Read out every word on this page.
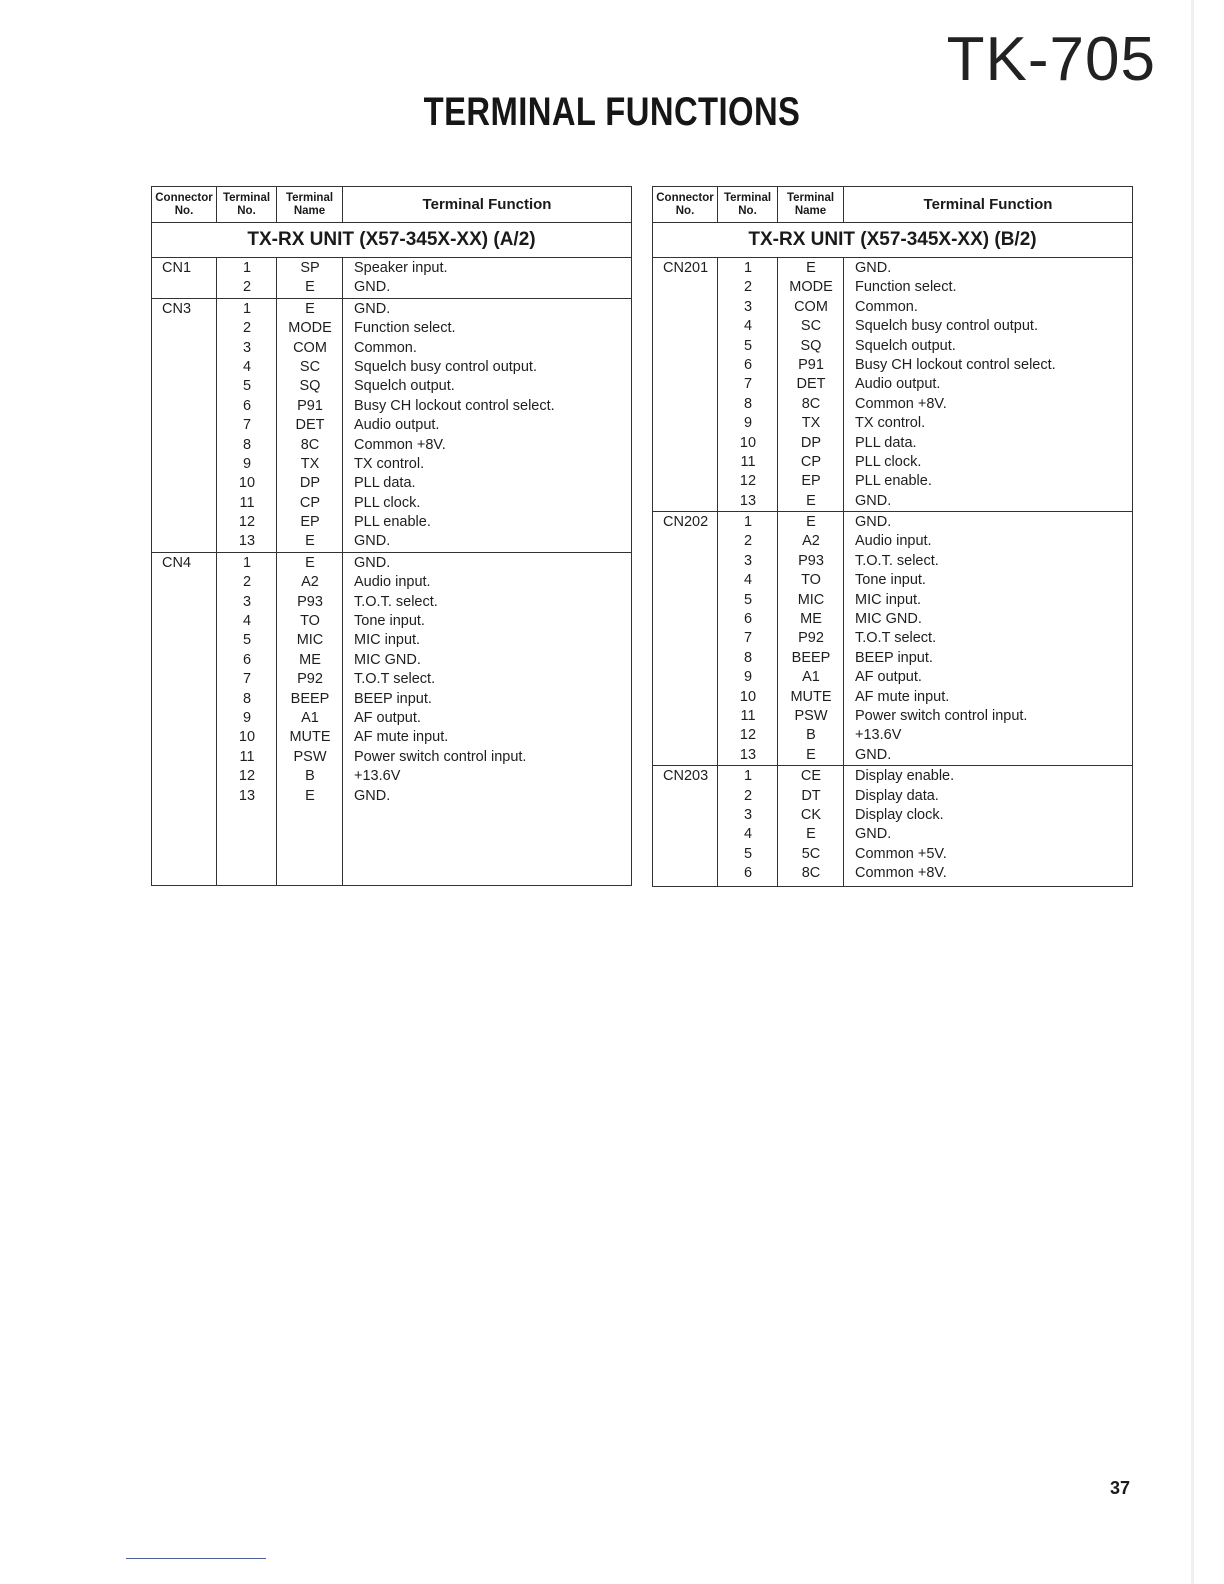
TK-705
TERMINAL FUNCTIONS
Connector
No.
Terminal
No.
Terminal
Name	Terminal Function
TX-RX UNIT (X57-345X-XX) (A/2)
CN1	1	SP	Speaker input.
2	E	GND.
CN3	1	E	GND.
2	MODE	Function select.
3	COM	Common.
4	SC	Squelch busy control output.
5	SQ	Squelch output.
6	P91	Busy CH lockout control select.
7	DET	Audio output.
8	8C	Common +8V.
9	TX	TX control.
10	DP	PLL data.
11	CP	PLL clock.
12	EP	PLL enable.
13	E	GND.
CN4	1	E	GND.
2	A2	Audio input.
3	P93	T.O.T. select.
4	TO	Tone input.
5	MIC	MIC input.
6	ME	MIC GND.
7	P92	T.O.T select.
8	BEEP	BEEP input.
9	A1	AF output.
10	MUTE	AF mute input.
11	PSW	Power switch control input.
12	B	+13.6V
13	E	GND.
Connector
No.
Terminal
No.
Terminal
Name	Terminal Function
TX-RX UNIT (X57-345X-XX) (B/2)
CN201	1	E	GND.
2	MODE	Function select.
3	COM	Common.
4	SC	Squelch busy control output.
5	SQ	Squelch output.
6	P91	Busy CH lockout control select.
7	DET	Audio output.
8	8C	Common +8V.
9	TX	TX control.
10	DP	PLL data.
11	CP	PLL clock.
12	EP	PLL enable.
13	E	GND.
CN202	1	E	GND.
2	A2	Audio input.
3	P93	T.O.T. select.
4	TO	Tone input.
5	MIC	MIC input.
6	ME	MIC GND.
7	P92	T.O.T select.
8	BEEP	BEEP input.
9	A1	AF output.
10	MUTE	AF mute input.
11	PSW	Power switch control input.
12	B	+13.6V
13	E	GND.
CN203	1	CE	Display enable.
2	DT	Display data.
3	CK	Display clock.
4	E	GND.
5	5C	Common +5V.
6	8C	Common +8V.
37
